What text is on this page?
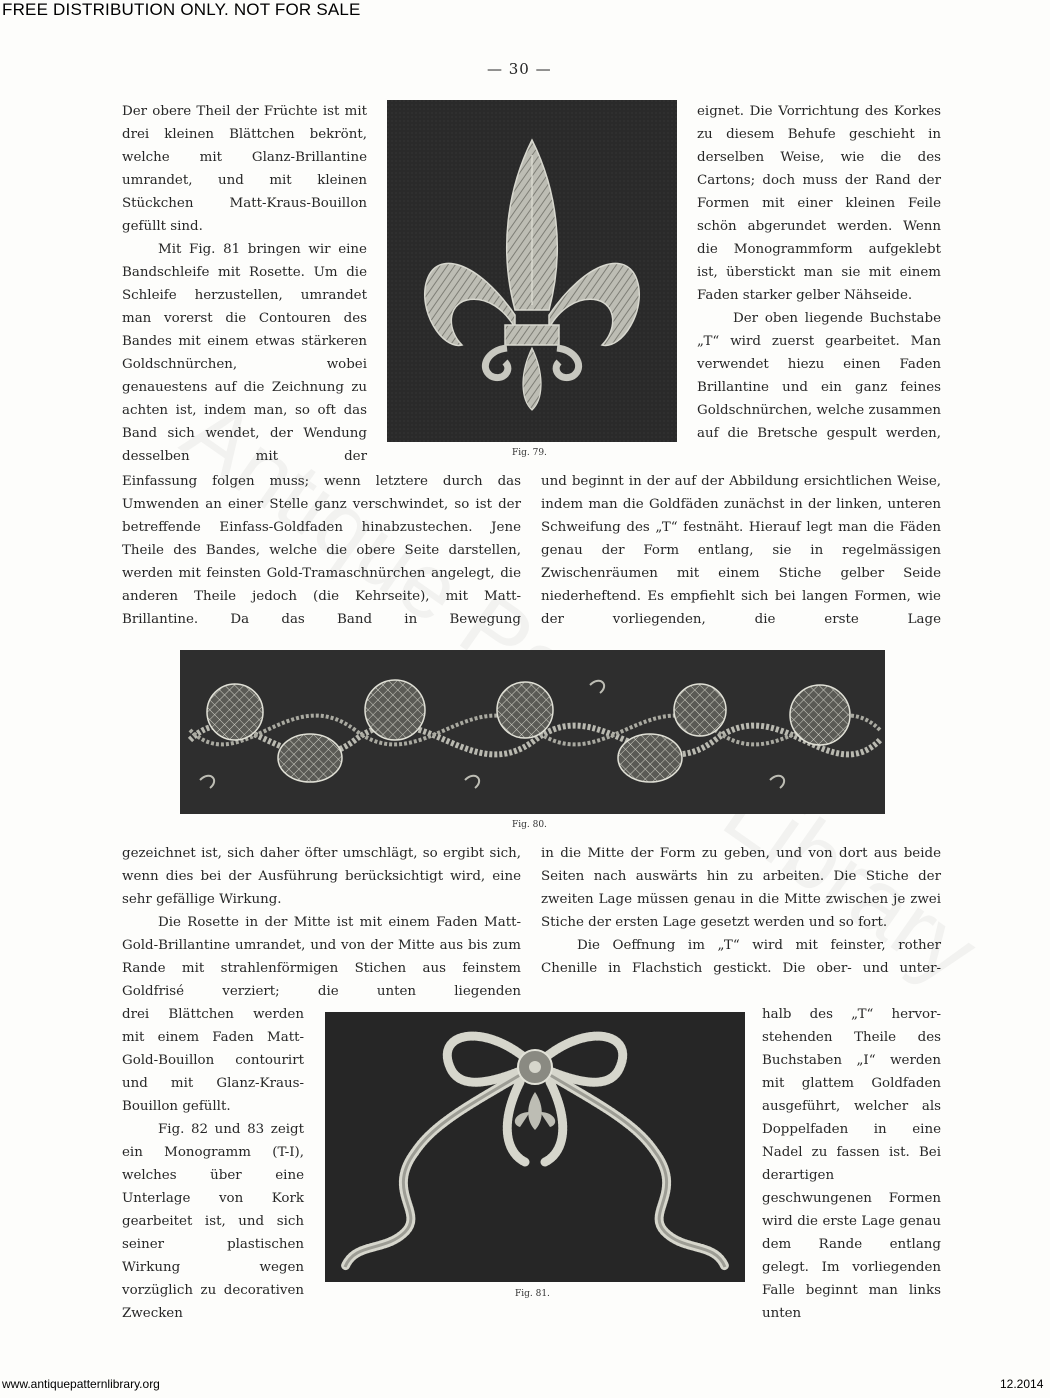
FREE DISTRIBUTION ONLY. NOT FOR SALE
— 30 —

Der obere Theil der Früchte ist mit drei kleinen Blättchen bekrönt, welche mit Glanz-Brillantine umrandet, und mit kleinen Stückchen Matt-Kraus-Bouillon gefüllt sind.

Mit Fig. 81 bringen wir eine Bandschleife mit Rosette. Um die Schleife herzustellen, umrandet man vorerst die Contouren des Bandes mit einem etwas stärkeren Goldschnürchen, wobei genauestens auf die Zeichnung zu achten ist, indem man, so oft das Band sich wendet, der Wendung desselben mit der

eignet. Die Vorrichtung des Korkes zu diesem Behufe geschieht in derselben Weise, wie die des Cartons; doch muss der Rand der Formen mit einer kleinen Feile schön abgerundet werden. Wenn die Monogrammform aufgeklebt ist, überstickt man sie mit einem Faden starker gelber Nähseide.

Der oben liegende Buchstabe „T“ wird zuerst gearbeitet. Man verwendet hiezu einen Faden Brillantine und ein ganz feines Goldschnürchen, welche zusammen auf die Bretsche gespult werden,

Fig. 79.

Einfassung folgen muss; wenn letztere durch das Umwenden an einer Stelle ganz verschwindet, so ist der betreffende Einfass-Goldfaden hinabzustechen. Jene Theile des Bandes, welche die obere Seite darstellen, werden mit feinsten Gold-Tramaschnürchen angelegt, die anderen Theile jedoch (die Kehrseite), mit Matt-Brillantine. Da das Band in Bewegung

und beginnt in der auf der Abbildung ersichtlichen Weise, indem man die Goldfäden zunächst in der linken, unteren Schweifung des „T“ festnäht. Hierauf legt man die Fäden genau der Form entlang, sie in regelmässigen Zwischenräumen mit einem Stiche gelber Seide niederheftend. Es empfiehlt sich bei langen Formen, wie der vorliegenden, die erste Lage

Fig. 80.

gezeichnet ist, sich daher öfter umschlägt, so ergibt sich, wenn dies bei der Ausführung berücksichtigt wird, eine sehr gefällige Wirkung.

Die Rosette in der Mitte ist mit einem Faden Matt-Gold-Brillantine umrandet, und von der Mitte aus bis zum Rande mit strahlenförmigen Stichen aus feinstem Goldfrisé verziert; die unten liegenden

drei Blättchen werden

mit einem Faden Matt-Gold-Bouillon contourirt und mit Glanz-Kraus-Bouillon gefüllt.

Fig. 82 und 83 zeigt ein Monogramm (T-I), welches über eine Unterlage von Kork gearbeitet ist, und sich seiner plastischen Wirkung wegen vorzüglich zu decorativen Zwecken

in die Mitte der Form zu geben, und von dort aus beide Seiten nach auswärts hin zu arbeiten. Die Stiche der zweiten Lage müssen genau in die Mitte zwischen je zwei Stiche der ersten Lage gesetzt werden und so fort.

Die Oeffnung im „T“ wird mit feinster, rother Chenille in Flachstich gestickt. Die ober- und unter-

halb des „T“ hervor-

stehenden Theile des Buchstaben „I“ werden mit glattem Goldfaden ausgeführt, welcher als Doppelfaden in eine Nadel zu fassen ist. Bei derartigen geschwungenen Formen wird die erste Lage genau dem Rande entlang gelegt. Im vorliegenden Falle beginnt man links unten

Fig. 81.
www.antiquepatternlibrary.org	12.2014
